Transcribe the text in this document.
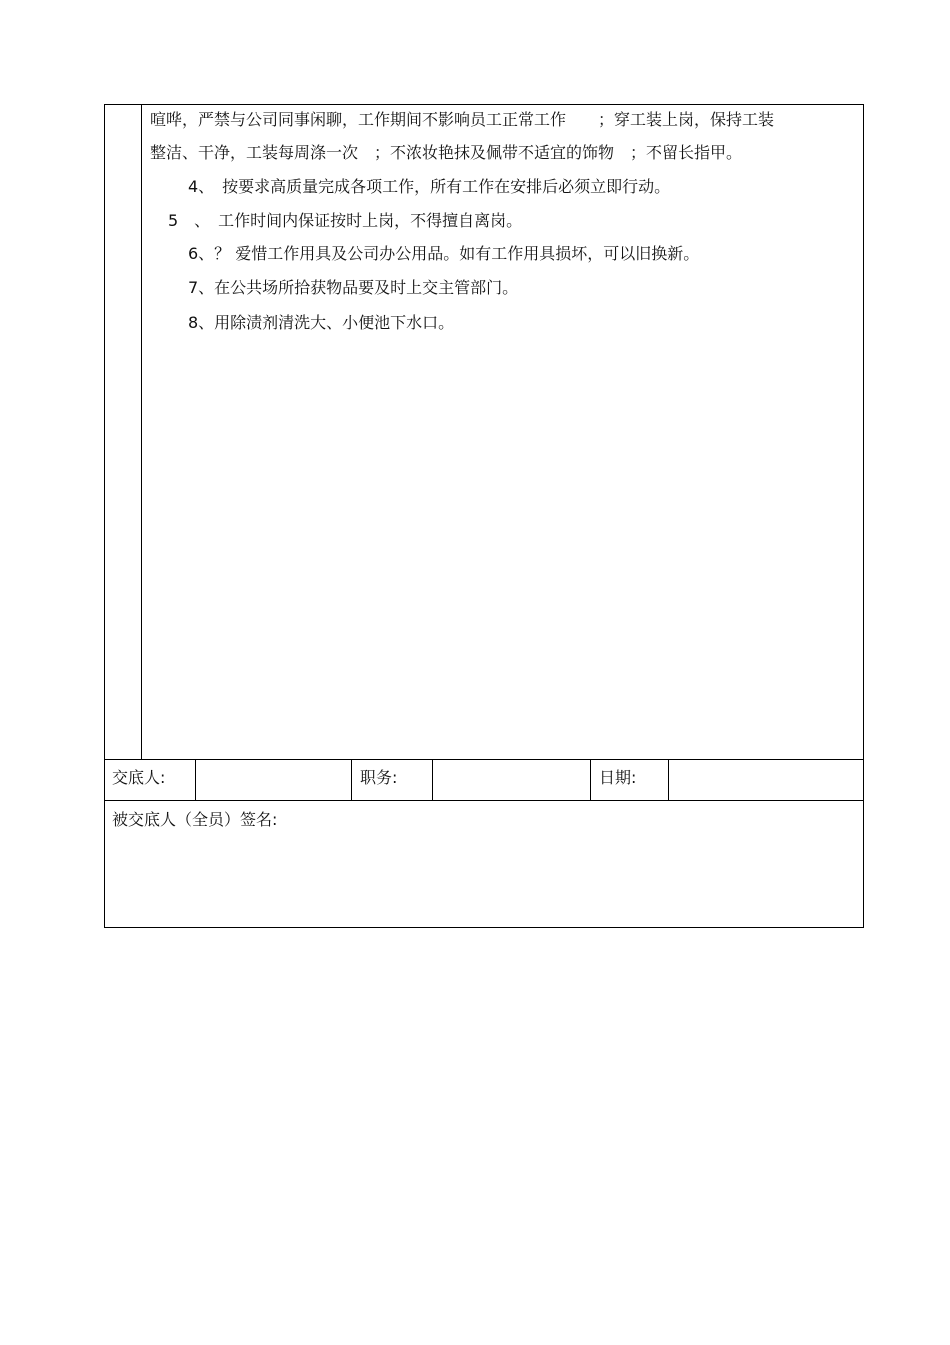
喧哗，严禁与公司同事闲聊，工作期间不影响员工正常工作　　；穿工装上岗，保持工装
整洁、干净，工装每周涤一次　；不浓妆艳抹及佩带不适宜的饰物　；不留长指甲。
4、　按要求高质量完成各项工作，所有工作在安排后必须立即行动。
5　、　工作时间内保证按时上岗，不得擅自离岗。
6、？ 爱惜工作用具及公司办公用品。如有工作用具损坏，可以旧换新。
7、在公共场所拾获物品要及时上交主管部门。
8、用除渍剂清洗大、小便池下水口。
交底人:	职务:	日期:
被交底人（全员）签名:
